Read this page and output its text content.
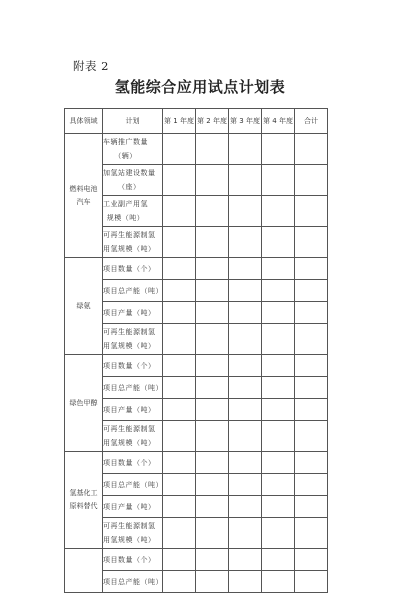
附表 2
氢能综合应用试点计划表
具体领域	计划	第 1 年度	第 2 年度	第 3 年度	第 4 年度	合计
燃料电池
汽车	车辆推广数量
（辆）					
	加氢站建设数量
（座）					
	工业副产用氢
规模（吨）					
	可再生能源制氢
用氢规模（吨）					
绿氨	项目数量（个）					
	项目总产能（吨）					
	项目产量（吨）					
	可再生能源制氢
用氢规模（吨）					
绿色甲醇	项目数量（个）					
	项目总产能（吨）					
	项目产量（吨）					
	可再生能源制氢
用氢规模（吨）					
氢基化工
原料替代	项目数量（个）					
	项目总产能（吨）					
	项目产量（吨）					
	可再生能源制氢
用氢规模（吨）					
	项目数量（个）					
	项目总产能（吨）					
